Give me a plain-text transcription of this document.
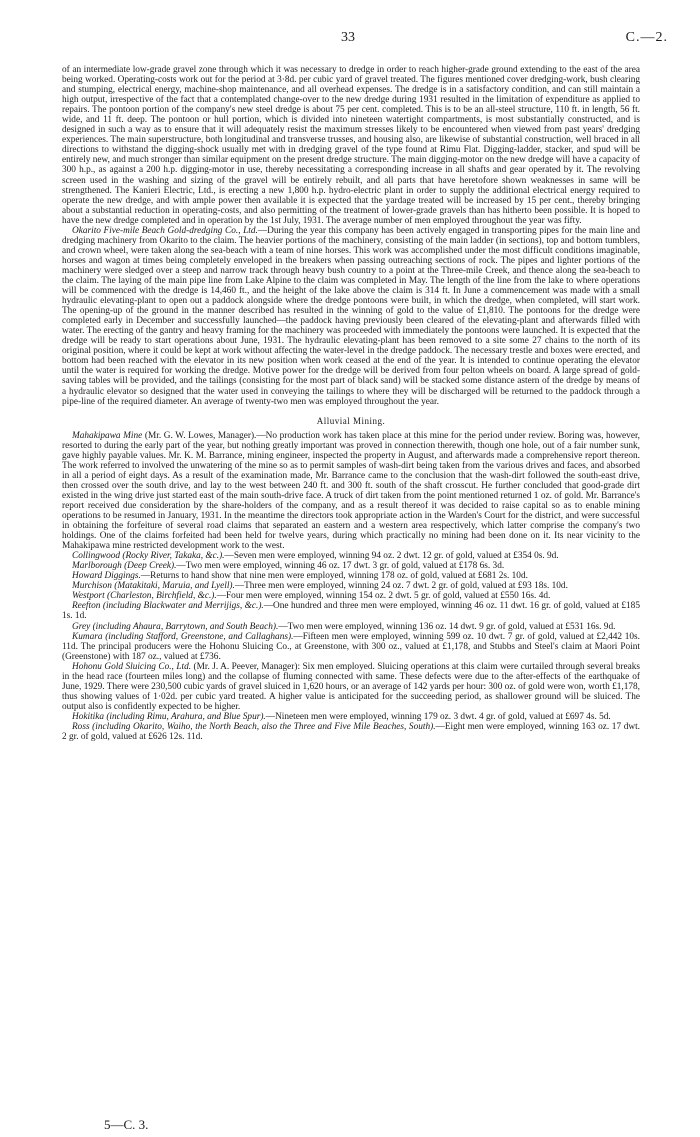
33	C.—2.

of an intermediate low-grade gravel zone through which it was necessary to dredge in order to reach higher-grade ground extending to the east of the area being worked. Operating-costs work out for the period at 3·8d. per cubic yard of gravel treated. The figures mentioned cover dredging-work, bush clearing and stumping, electrical energy, machine-shop maintenance, and all overhead expenses. The dredge is in a satisfactory condition, and can still maintain a high output, irrespective of the fact that a contemplated change-over to the new dredge during 1931 resulted in the limitation of expenditure as applied to repairs. The pontoon portion of the company's new steel dredge is about 75 per cent. completed. This is to be an all-steel structure, 110 ft. in length, 56 ft. wide, and 11 ft. deep. The pontoon or hull portion, which is divided into nineteen watertight compartments, is most substantially constructed, and is designed in such a way as to ensure that it will adequately resist the maximum stresses likely to be encountered when viewed from past years' dredging experiences. The main superstructure, both longitudinal and transverse trusses, and housing also, are likewise of substantial construction, well braced in all directions to withstand the digging-shock usually met with in dredging gravel of the type found at Rimu Flat. Digging-ladder, stacker, and spud will be entirely new, and much stronger than similar equipment on the present dredge structure. The main digging-motor on the new dredge will have a capacity of 300 h.p., as against a 200 h.p. digging-motor in use, thereby necessitating a corresponding increase in all shafts and gear operated by it. The revolving screen used in the washing and sizing of the gravel will be entirely rebuilt, and all parts that have heretofore shown weaknesses in same will be strengthened. The Kanieri Electric, Ltd., is erecting a new 1,800 h.p. hydro-electric plant in order to supply the additional electrical energy required to operate the new dredge, and with ample power then available it is expected that the yardage treated will be increased by 15 per cent., thereby bringing about a substantial reduction in operating-costs, and also permitting of the treatment of lower-grade gravels than has hitherto been possible. It is hoped to have the new dredge completed and in operation by the 1st July, 1931. The average number of men employed throughout the year was fifty.

Okarito Five-mile Beach Gold-dredging Co., Ltd.—During the year this company has been actively engaged in transporting pipes for the main line and dredging machinery from Okarito to the claim. The heavier portions of the machinery, consisting of the main ladder (in sections), top and bottom tumblers, and crown wheel, were taken along the sea-beach with a team of nine horses. This work was accomplished under the most difficult conditions imaginable, horses and wagon at times being completely enveloped in the breakers when passing outreaching sections of rock. The pipes and lighter portions of the machinery were sledged over a steep and narrow track through heavy bush country to a point at the Three-mile Creek, and thence along the sea-beach to the claim. The laying of the main pipe line from Lake Alpine to the claim was completed in May. The length of the line from the lake to where operations will be commenced with the dredge is 14,460 ft., and the height of the lake above the claim is 314 ft. In June a commencement was made with a small hydraulic elevating-plant to open out a paddock alongside where the dredge pontoons were built, in which the dredge, when completed, will start work. The opening-up of the ground in the manner described has resulted in the winning of gold to the value of £1,810. The pontoons for the dredge were completed early in December and successfully launched—the paddock having previously been cleared of the elevating-plant and afterwards filled with water. The erecting of the gantry and heavy framing for the machinery was proceeded with immediately the pontoons were launched. It is expected that the dredge will be ready to start operations about June, 1931. The hydraulic elevating-plant has been removed to a site some 27 chains to the north of its original position, where it could be kept at work without affecting the water-level in the dredge paddock. The necessary trestle and boxes were erected, and bottom had been reached with the elevator in its new position when work ceased at the end of the year. It is intended to continue operating the elevator until the water is required for working the dredge. Motive power for the dredge will be derived from four pelton wheels on board. A large spread of gold-saving tables will be provided, and the tailings (consisting for the most part of black sand) will be stacked some distance astern of the dredge by means of a hydraulic elevator so designed that the water used in conveying the tailings to where they will be discharged will be returned to the paddock through a pipe-line of the required diameter. An average of twenty-two men was employed throughout the year.

Alluvial Mining.

Mahakipawa Mine (Mr. G. W. Lowes, Manager).—No production work has taken place at this mine for the period under review. Boring was, however, resorted to during the early part of the year, but nothing greatly important was proved in connection therewith, though one hole, out of a fair number sunk, gave highly payable values. Mr. K. M. Barrance, mining engineer, inspected the property in August, and afterwards made a comprehensive report thereon. The work referred to involved the unwatering of the mine so as to permit samples of wash-dirt being taken from the various drives and faces, and absorbed in all a period of eight days. As a result of the examination made, Mr. Barrance came to the conclusion that the wash-dirt followed the south-east drive, then crossed over the south drive, and lay to the west between 240 ft. and 300 ft. south of the shaft crosscut. He further concluded that good-grade dirt existed in the wing drive just started east of the main south-drive face. A truck of dirt taken from the point mentioned returned 1 oz. of gold. Mr. Barrance's report received due consideration by the share-holders of the company, and as a result thereof it was decided to raise capital so as to enable mining operations to be resumed in January, 1931. In the meantime the directors took appropriate action in the Warden's Court for the district, and were successful in obtaining the forfeiture of several road claims that separated an eastern and a western area respectively, which latter comprise the company's two holdings. One of the claims forfeited had been held for twelve years, during which practically no mining had been done on it. Its near vicinity to the Mahakipawa mine restricted development work to the west.

Collingwood (Rocky River, Takaka, &c.).—Seven men were employed, winning 94 oz. 2 dwt. 12 gr. of gold, valued at £354 0s. 9d.

Marlborough (Deep Creek).—Two men were employed, winning 46 oz. 17 dwt. 3 gr. of gold, valued at £178 6s. 3d.

Howard Diggings.—Returns to hand show that nine men were employed, winning 178 oz. of gold, valued at £681 2s. 10d.

Murchison (Matakitaki, Maruia, and Lyell).—Three men were employed, winning 24 oz. 7 dwt. 2 gr. of gold, valued at £93 18s. 10d.

Westport (Charleston, Birchfield, &c.).—Four men were employed, winning 154 oz. 2 dwt. 5 gr. of gold, valued at £550 16s. 4d.

Reefton (including Blackwater and Merrijigs, &c.).—One hundred and three men were employed, winning 46 oz. 11 dwt. 16 gr. of gold, valued at £185 1s. 1d.

Grey (including Ahaura, Barrytown, and South Beach).—Two men were employed, winning 136 oz. 14 dwt. 9 gr. of gold, valued at £531 16s. 9d.

Kumara (including Stafford, Greenstone, and Callaghans).—Fifteen men were employed, winning 599 oz. 10 dwt. 7 gr. of gold, valued at £2,442 10s. 11d. The principal producers were the Hohonu Sluicing Co., at Greenstone, with 300 oz., valued at £1,178, and Stubbs and Steel's claim at Maori Point (Greenstone) with 187 oz., valued at £736.

Hohonu Gold Sluicing Co., Ltd. (Mr. J. A. Peever, Manager): Six men employed. Sluicing operations at this claim were curtailed through several breaks in the head race (fourteen miles long) and the collapse of fluming connected with same. These defects were due to the after-effects of the earthquake of June, 1929. There were 230,500 cubic yards of gravel sluiced in 1,620 hours, or an average of 142 yards per hour: 300 oz. of gold were won, worth £1,178, thus showing values of 1·02d. per cubic yard treated. A higher value is anticipated for the succeeding period, as shallower ground will be sluiced. The output also is confidently expected to be higher.

Hokitika (including Rimu, Arahura, and Blue Spur).—Nineteen men were employed, winning 179 oz. 3 dwt. 4 gr. of gold, valued at £697 4s. 5d.

Ross (including Okarito, Waiho, the North Beach, also the Three and Five Mile Beaches, South).—Eight men were employed, winning 163 oz. 17 dwt. 2 gr. of gold, valued at £626 12s. 11d.

5—C. 3.
